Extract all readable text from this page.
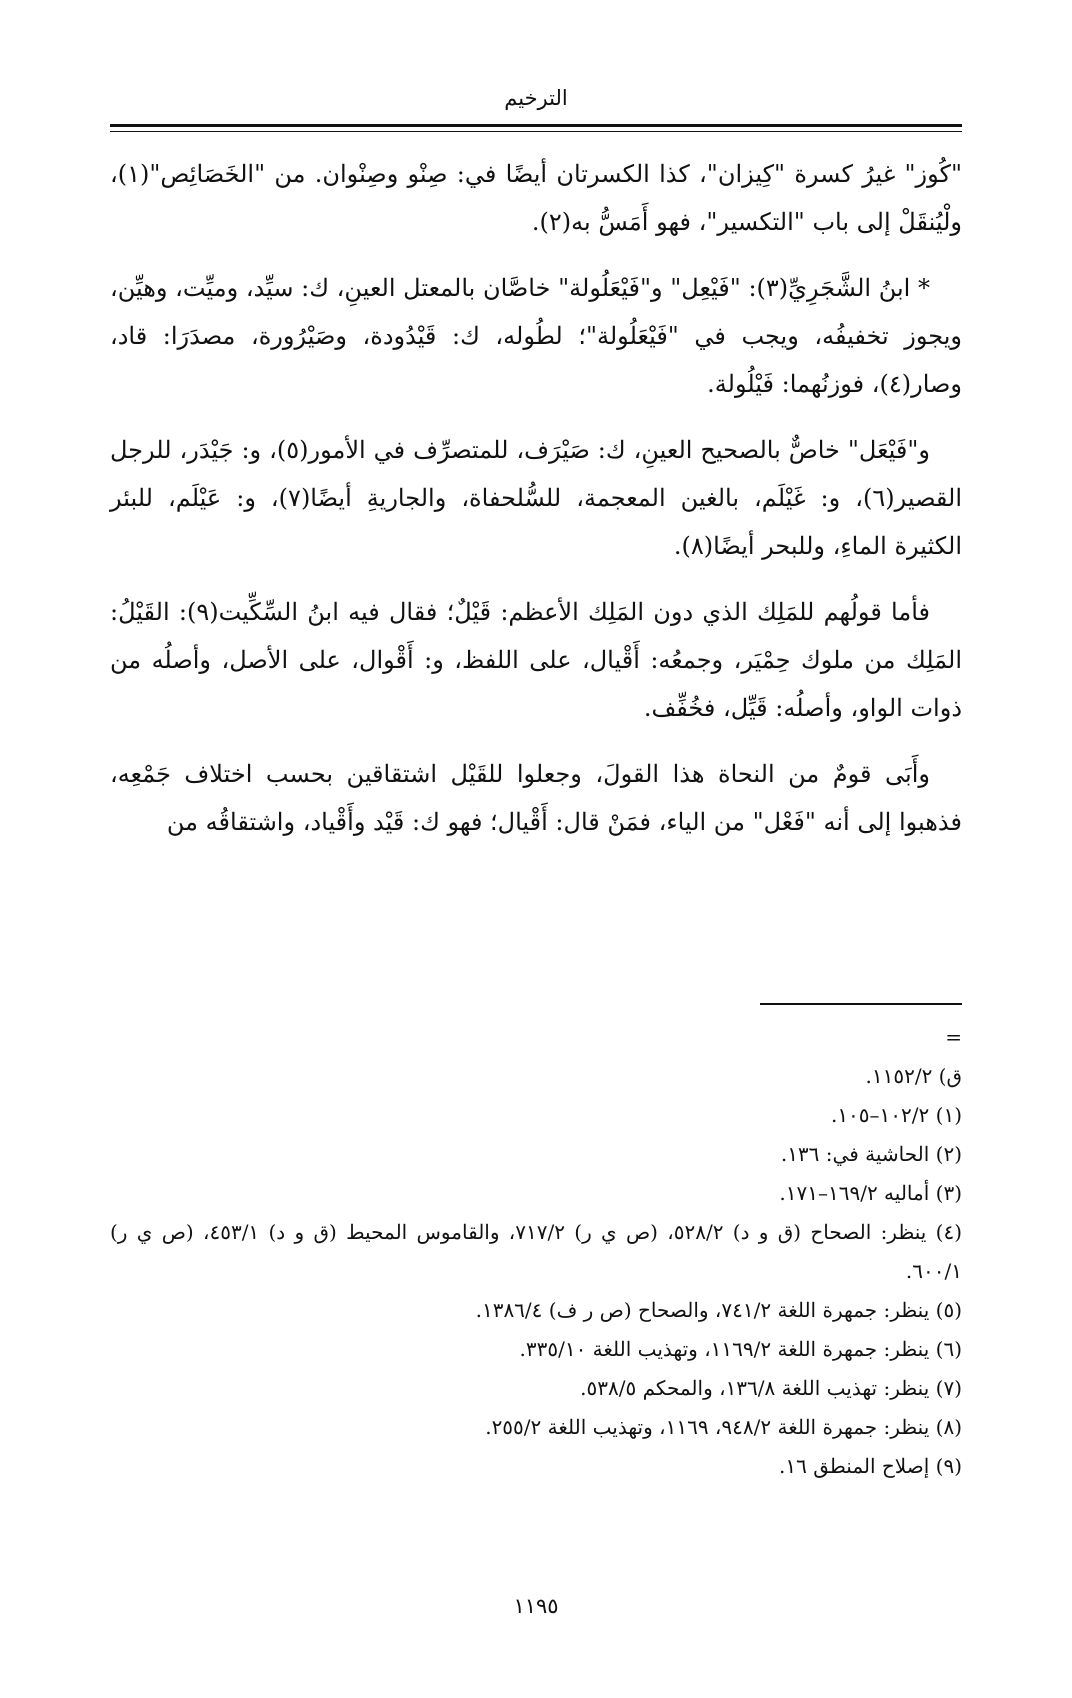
الترخيم

"كُوز" غيرُ كسرة "كِيزان"، كذا الكسرتان أيضًا في: صِنْو وصِنْوان. من "الخَصَائِص"(١)، ولْيُنقَلْ إلى باب "التكسير"، فهو أَمَسُّ به(٢).

* ابنُ الشَّجَرِيِّ(٣): "فَيْعِل" و"فَيْعَلُولة" خاصَّان بالمعتل العينِ، ك: سيِّد، وميِّت، وهيِّن، ويجوز تخفيفُه، ويجب في "فَيْعَلُولة"؛ لطُوله، ك: قَيْدُودة، وصَيْرُورة، مصدَرَا: قاد، وصار(٤)، فوزنُهما: فَيْلُولة.

و"فَيْعَل" خاصٌّ بالصحيح العينِ، ك: صَيْرَف، للمتصرِّف في الأمور(٥)، و: جَيْدَر، للرجل القصير(٦)، و: غَيْلَم، بالغين المعجمة، للسُّلحفاة، والجاريةِ أيضًا(٧)، و: عَيْلَم، للبئر الكثيرة الماءِ، وللبحر أيضًا(٨).

فأما قولُهم للمَلِك الذي دون المَلِك الأعظم: قَيْلٌ؛ فقال فيه ابنُ السِّكِّيت(٩): القَيْلُ: المَلِك من ملوك حِمْيَر، وجمعُه: أَقْيال، على اللفظ، و: أَقْوال، على الأصل، وأصلُه من ذوات الواو، وأصلُه: قَيِّل، فخُفِّف.

وأَبَى قومٌ من النحاة هذا القولَ، وجعلوا للقَيْل اشتقاقين بحسب اختلاف جَمْعِه، فذهبوا إلى أنه "فَعْل" من الياء، فمَنْ قال: أَقْيال؛ فهو ك: قَيْد وأَقْياد، واشتقاقُه من

=

ق) ١١٥٢/٢.

(١) ١٠٢/٢–١٠٥.

(٢) الحاشية في: ١٣٦.

(٣) أماليه ١٦٩/٢–١٧١.

(٤) ينظر: الصحاح (ق و د) ٥٢٨/٢، (ص ي ر) ٧١٧/٢، والقاموس المحيط (ق و د) ٤٥٣/١، (ص ي ر) ٦٠٠/١.

(٥) ينظر: جمهرة اللغة ٧٤١/٢، والصحاح (ص ر ف) ١٣٨٦/٤.

(٦) ينظر: جمهرة اللغة ١١٦٩/٢، وتهذيب اللغة ٣٣٥/١٠.

(٧) ينظر: تهذيب اللغة ١٣٦/٨، والمحكم ٥٣٨/٥.

(٨) ينظر: جمهرة اللغة ٩٤٨/٢، ١١٦٩، وتهذيب اللغة ٢٥٥/٢.

(٩) إصلاح المنطق ١٦.

١١٩٥
